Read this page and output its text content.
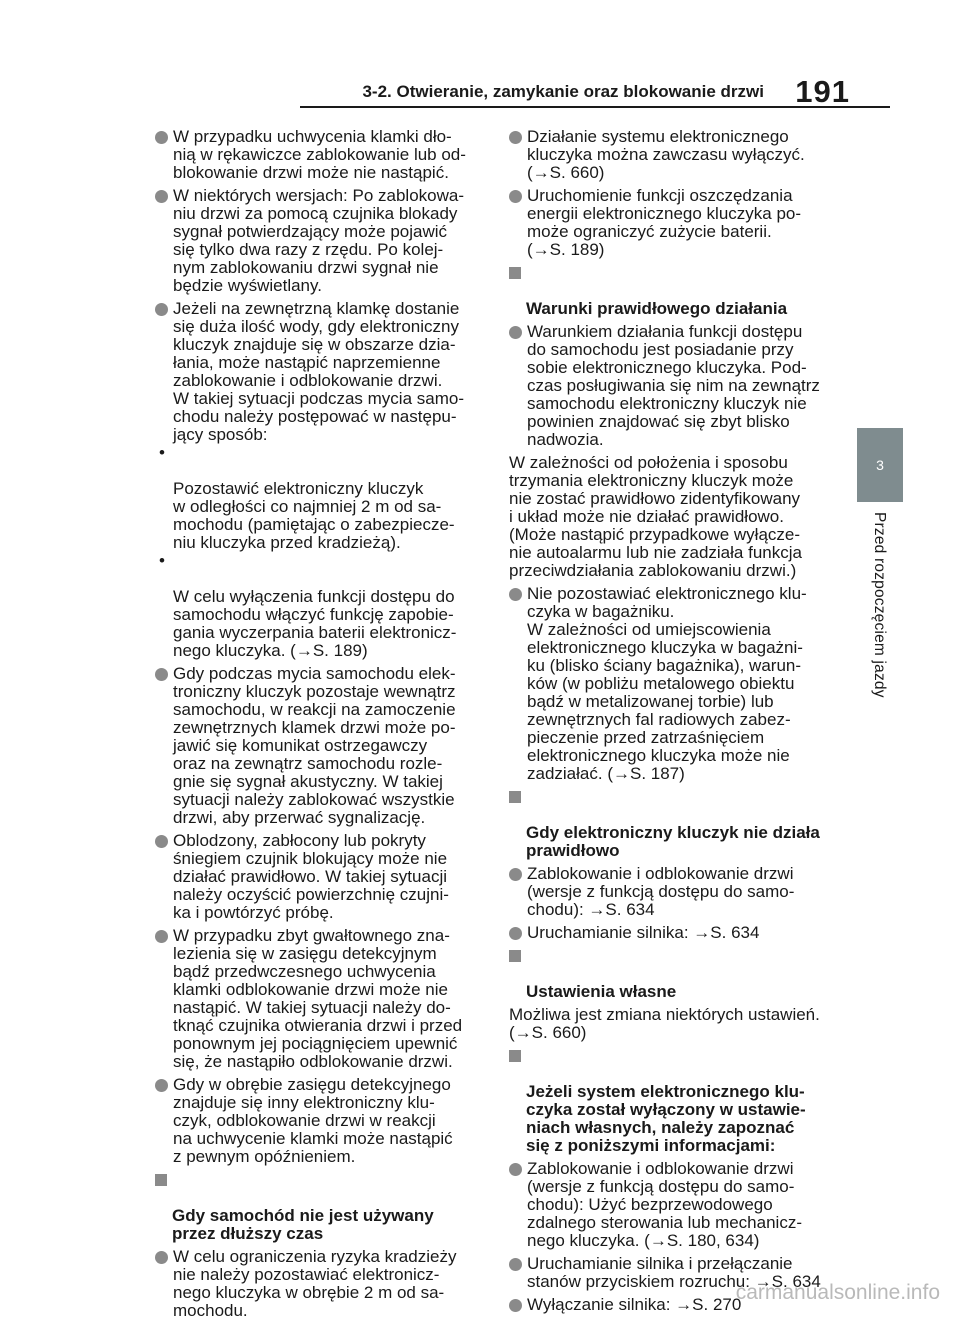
3-2. Otwieranie, zamykanie oraz blokowanie drzwi 191
3
Przed rozpoczęciem jazdy
W przypadku uchwycenia klamki dło-
nią w rękawiczce zablokowanie lub od-
blokowanie drzwi może nie nastąpić.
W niektórych wersjach: Po zablokowa-
niu drzwi za pomocą czujnika blokady
sygnał potwierdzający może pojawić
się tylko dwa razy z rzędu. Po kolej-
nym zablokowaniu drzwi sygnał nie
będzie wyświetlany.
Jeżeli na zewnętrzną klamkę dostanie
się duża ilość wody, gdy elektroniczny
kluczyk znajduje się w obszarze dzia-
łania, może nastąpić naprzemienne
zablokowanie i odblokowanie drzwi.
W takiej sytuacji podczas mycia samo-
chodu należy postępować w następu-
jący sposób:

•

Pozostawić elektroniczny kluczyk
w odległości co najmniej 2 m od sa-
mochodu (pamiętając o zabezpiecze-
niu kluczyka przed kradzieżą).

•

W celu wyłączenia funkcji dostępu do
samochodu włączyć funkcję zapobie-
gania wyczerpania baterii elektronicz-
nego kluczyka. (→S. 189)

Gdy podczas mycia samochodu elek-
troniczny kluczyk pozostaje wewnątrz
samochodu, w reakcji na zamoczenie
zewnętrznych klamek drzwi może po-
jawić się komunikat ostrzegawczy
oraz na zewnątrz samochodu rozle-
gnie się sygnał akustyczny. W takiej
sytuacji należy zablokować wszystkie
drzwi, aby przerwać sygnalizację.
Oblodzony, zabłocony lub pokryty
śniegiem czujnik blokujący może nie
działać prawidłowo. W takiej sytuacji
należy oczyścić powierzchnię czujni-
ka i powtórzyć próbę.
W przypadku zbyt gwałtownego zna-
lezienia się w zasięgu detekcyjnym
bądź przedwczesnego uchwycenia
klamki odblokowanie drzwi może nie
nastąpić. W takiej sytuacji należy do-
tknąć czujnika otwierania drzwi i przed
ponownym jej pociągnięciem upewnić
się, że nastąpiło odblokowanie drzwi.
Gdy w obrębie zasięgu detekcyjnego
znajduje się inny elektroniczny klu-
czyk, odblokowanie drzwi w reakcji
na uchwycenie klamki może nastąpić
z pewnym opóźnieniem.

Gdy samochód nie jest używany
przez dłuższy czas

W celu ograniczenia ryzyka kradzieży
nie należy pozostawiać elektronicz-
nego kluczyka w obrębie 2 m od sa-
mochodu.
Działanie systemu elektronicznego
kluczyka można zawczasu wyłączyć.
(→S. 660)
Uruchomienie funkcji oszczędzania
energii elektronicznego kluczyka po-
może ograniczyć zużycie baterii.
(→S. 189)

Warunki prawidłowego działania

Warunkiem działania funkcji dostępu
do samochodu jest posiadanie przy
sobie elektronicznego kluczyka. Pod-
czas posługiwania się nim na zewnątrz
samochodu elektroniczny kluczyk nie
powinien znajdować się zbyt blisko
nadwozia.
W zależności od położenia i sposobu
trzymania elektroniczny kluczyk może
nie zostać prawidłowo zidentyfikowany
i układ może nie działać prawidłowo.
(Może nastąpić przypadkowe wyłącze-
nie autoalarmu lub nie zadziała funkcja
przeciwdziałania zablokowaniu drzwi.)
Nie pozostawiać elektronicznego klu-
czyka w bagażniku.
W zależności od umiejscowienia
elektronicznego kluczyka w bagażni-
ku (blisko ściany bagażnika), warun-
ków (w pobliżu metalowego obiektu
bądź w metalizowanej torbie) lub
zewnętrznych fal radiowych zabez-
pieczenie przed zatrzaśnięciem
elektronicznego kluczyka może nie
zadziałać. (→S. 187)

Gdy elektroniczny kluczyk nie działa
prawidłowo

Zablokowanie i odblokowanie drzwi
(wersje z funkcją dostępu do samo-
chodu): →S. 634
Uruchamianie silnika: →S. 634

Ustawienia własne

Możliwa jest zmiana niektórych ustawień.
(→S. 660)

Jeżeli system elektronicznego klu-
czyka został wyłączony w ustawie-
niach własnych, należy zapoznać
się z poniższymi informacjami:

Zablokowanie i odblokowanie drzwi
(wersje z funkcją dostępu do samo-
chodu): Użyć bezprzewodowego
zdalnego sterowania lub mechanicz-
nego kluczyka. (→S. 180, 634)
Uruchamianie silnika i przełączanie
stanów przyciskiem rozruchu: →S. 634
Wyłączanie silnika: →S. 270
carmanualsonline.info
